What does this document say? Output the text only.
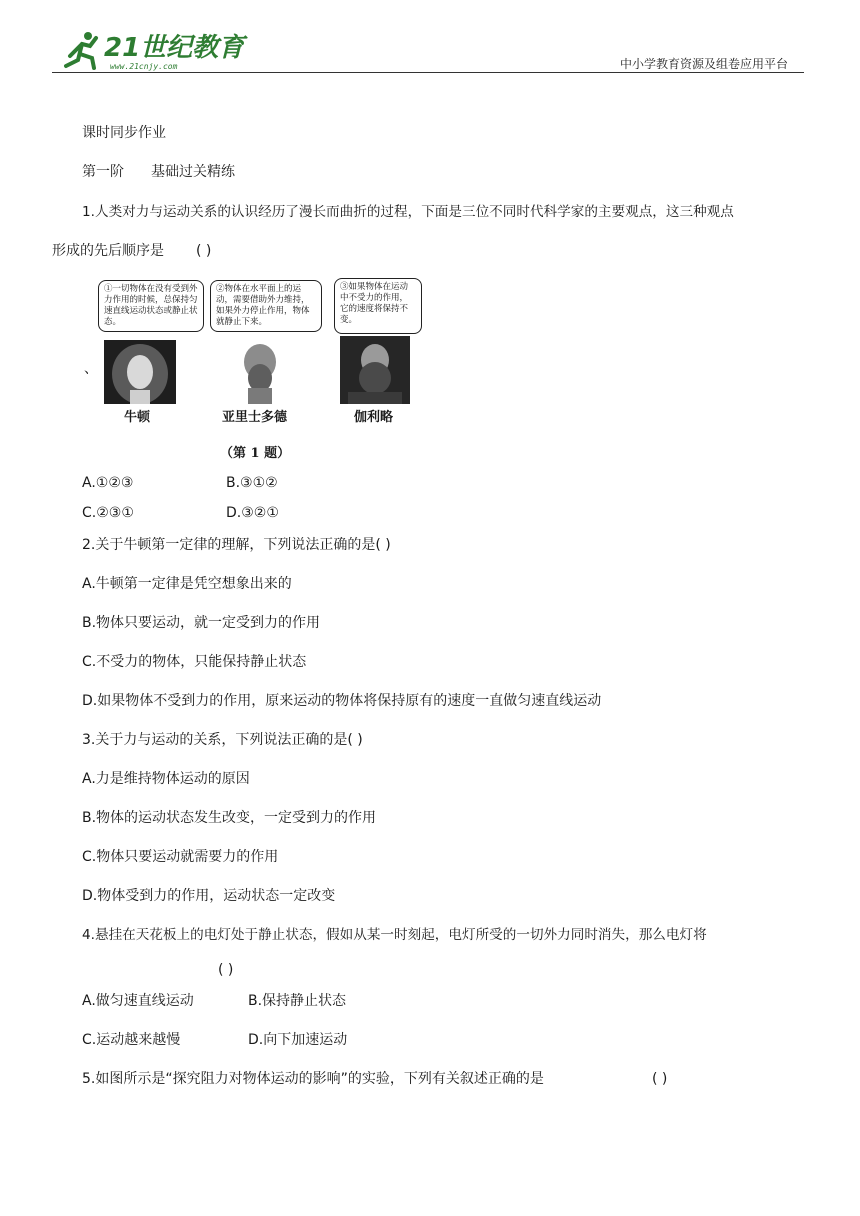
21世纪教育
www.21cnjy.com	中小学教育资源及组卷应用平台
课时同步作业
第一阶 基础过关精练
1.人类对力与运动关系的认识经历了漫长而曲折的过程，下面是三位不同时代科学家的主要观点，这三种观点
形成的先后顺序是 ( )
①一切物体在没有受到外力作用的时候，总保持匀速直线运动状态或静止状态。
②物体在水平面上的运动，需要借助外力维持，如果外力停止作用，物体就静止下来。
③如果物体在运动中不受力的作用，它的速度将保持不变。
、
牛顿	亚里士多德	伽利略
（第 1 题）
A.①②③	B.③①②
C.②③①	D.③②①
2.关于牛顿第一定律的理解，下列说法正确的是( )
A.牛顿第一定律是凭空想象出来的
B.物体只要运动，就一定受到力的作用
C.不受力的物体，只能保持静止状态
D.如果物体不受到力的作用，原来运动的物体将保持原有的速度一直做匀速直线运动
3.关于力与运动的关系，下列说法正确的是( )
A.力是维持物体运动的原因
B.物体的运动状态发生改变，一定受到力的作用
C.物体只要运动就需要力的作用
D.物体受到力的作用，运动状态一定改变
4.悬挂在天花板上的电灯处于静止状态，假如从某一时刻起，电灯所受的一切外力同时消失，那么电灯将
( )
A.做匀速直线运动	B.保持静止状态
C.运动越来越慢	D.向下加速运动
5.如图所示是“探究阻力对物体运动的影响”的实验，下列有关叙述正确的是	( )
